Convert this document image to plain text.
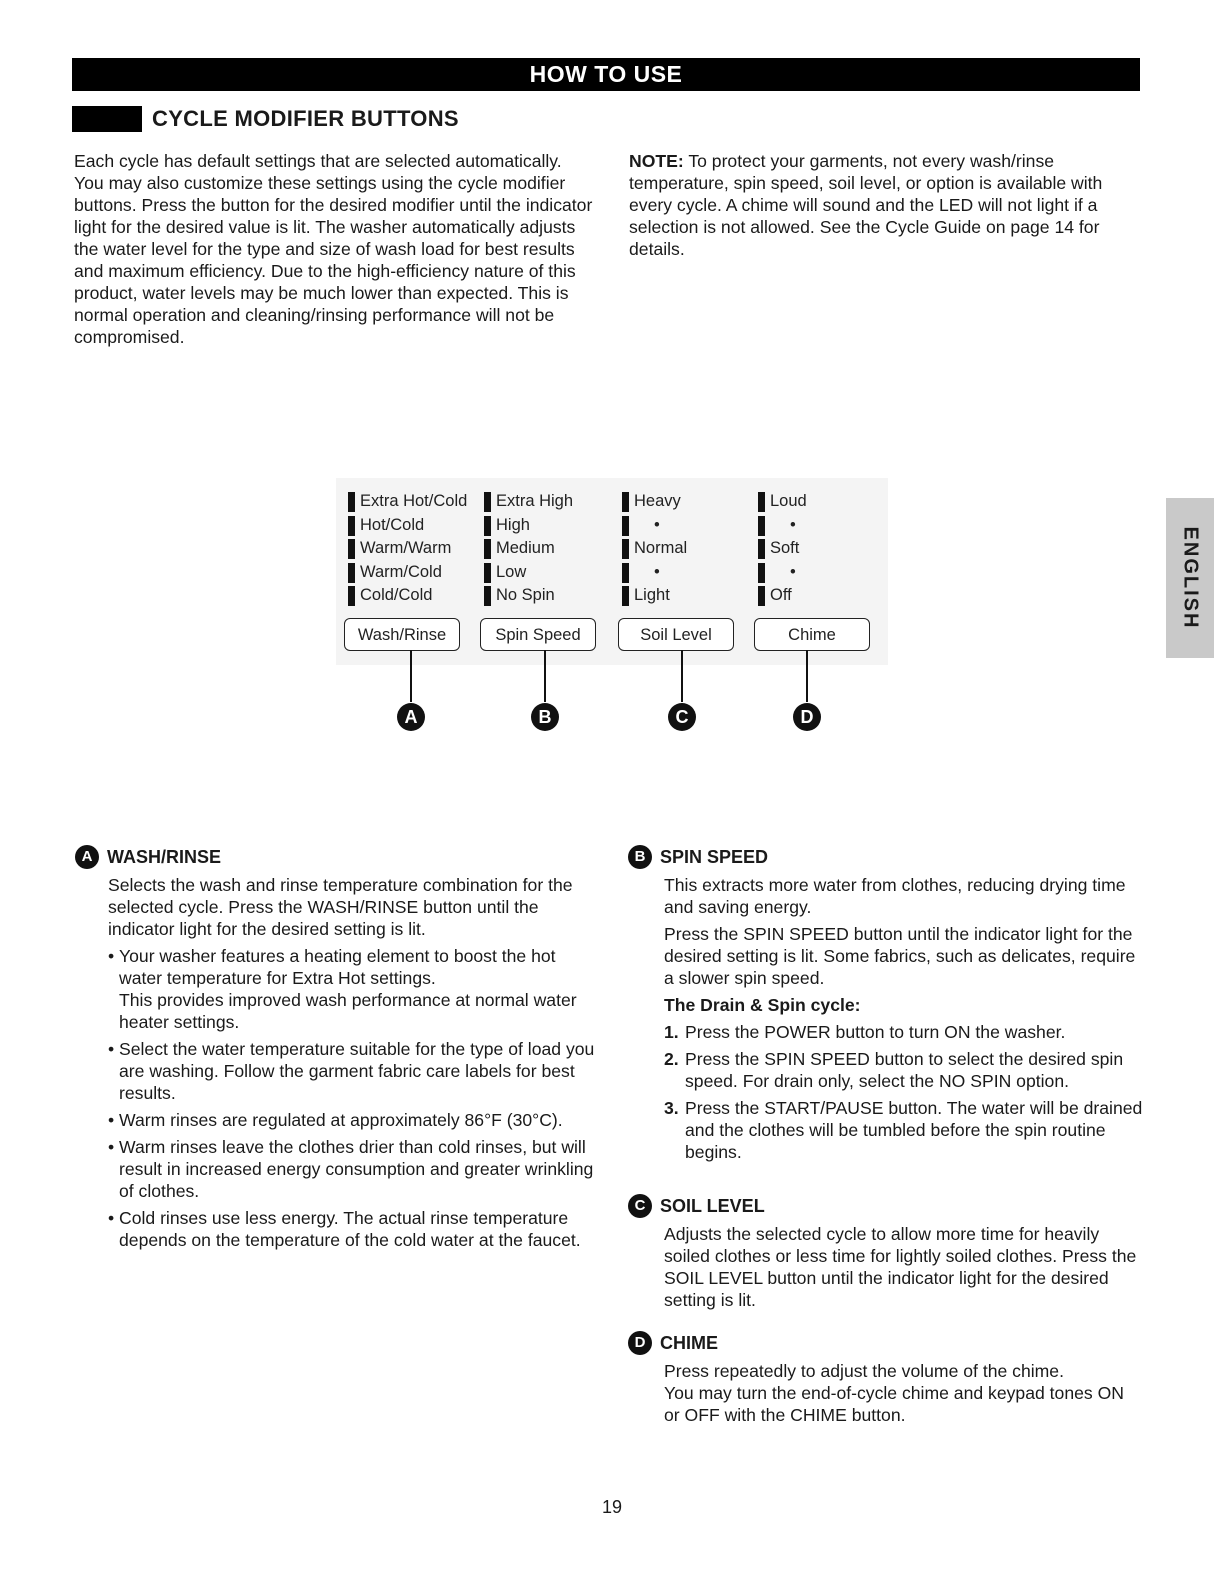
HOW TO USE
CYCLE MODIFIER BUTTONS
Each cycle has default settings that are selected automatically. You may also customize these settings using the cycle modifier buttons. Press the button for the desired modifier until the indicator light for the desired value is lit. The washer automatically adjusts the water level for the type and size of wash load for best results and maximum efficiency. Due to the high-efficiency nature of this product, water levels may be much lower than expected. This is normal operation and cleaning/rinsing performance will not be compromised.
NOTE: To protect your garments, not every wash/rinse temperature, spin speed, soil level, or option is available with every cycle. A chime will sound and the LED will not light if a selection is not allowed. See the Cycle Guide on page 14 for details.
Extra Hot/Cold
Hot/Cold
Warm/Warm
Warm/Cold
Cold/Cold
Extra High
High
Medium
Low
No Spin
Heavy
•
Normal
•
Light
Loud
•
Soft
•
Off
Wash/Rinse	Spin Speed	Soil Level	Chime
A	B	C	D
A WASH/RINSE

Selects the wash and rinse temperature combination for the selected cycle. Press the WASH/RINSE button until the indicator light for the desired setting is lit.

• Your washer features a heating element to boost the hot water temperature for Extra Hot settings.
This provides improved wash performance at normal water heater settings.
• Select the water temperature suitable for the type of load you are washing. Follow the garment fabric care labels for best results.
• Warm rinses are regulated at approximately 86°F (30°C).
• Warm rinses leave the clothes drier than cold rinses, but will result in increased energy consumption and greater wrinkling of clothes.
• Cold rinses use less energy. The actual rinse temperature depends on the temperature of the cold water at the faucet.
B SPIN SPEED

This extracts more water from clothes, reducing drying time and saving energy.

Press the SPIN SPEED button until the indicator light for the desired setting is lit. Some fabrics, such as delicates, require a slower spin speed.

The Drain & Spin cycle:
1. Press the POWER button to turn ON the washer.
2. Press the SPIN SPEED button to select the desired spin speed. For drain only, select the NO SPIN option.
3. Press the START/PAUSE button. The water will be drained and the clothes will be tumbled before the spin routine begins.
C SOIL LEVEL

Adjusts the selected cycle to allow more time for heavily soiled clothes or less time for lightly soiled clothes. Press the SOIL LEVEL button until the indicator light for the desired setting is lit.

D CHIME
Press repeatedly to adjust the volume of the chime.
You may turn the end-of-cycle chime and keypad tones ON or OFF with the CHIME button.
ENGLISH
19
